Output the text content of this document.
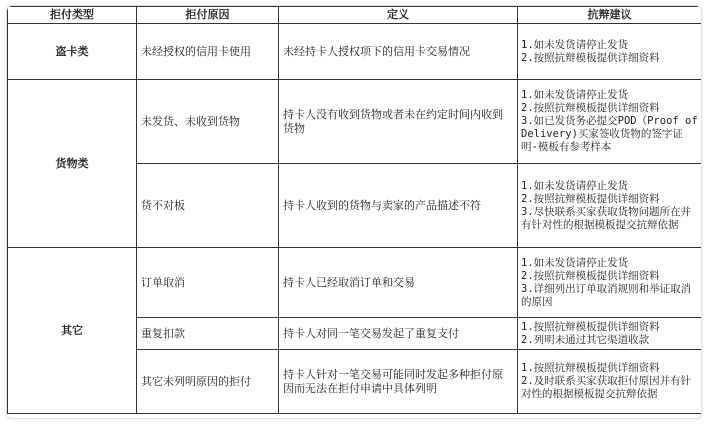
拒付类型	拒付原因	定义	抗辩建议
盗卡类	未经授权的信用卡使用	未经持卡人授权项下的信用卡交易情况	1.如未发货请停止发货
2.按照抗辩模板提供详细资料

货物类	未发货、未收到货物	持卡人没有收到货物或者未在约定时间内收到货物	1.如未发货请停止发货
2.按照抗辩模板提供详细资料
3.如已发货务必提交POD（Proof of Delivery)买家签收货物的签字证明-模板有参考样本

	货不对板	持卡人收到的货物与卖家的产品描述不符	1.如未发货请停止发货
2.按照抗辩模板提供详细资料
3.尽快联系买家获取货物问题所在并有针对性的根据模板提交抗辩依据

其它	订单取消	持卡人已经取消订单和交易	1.如未发货请停止发货
2.按照抗辩模板提供详细资料
3.详细列出订单取消规则和举证取消的原因

	重复扣款	持卡人对同一笔交易发起了重复支付	1.按照抗辩模板提供详细资料
2.列明未通过其它渠道收款

	其它未列明原因的拒付	持卡人针对一笔交易可能同时发起多种拒付原因而无法在拒付申请中具体列明	1.按照抗辩模板提供详细资料
2.及时联系买家获取拒付原因并有针对性的根据模板提交抗辩依据
